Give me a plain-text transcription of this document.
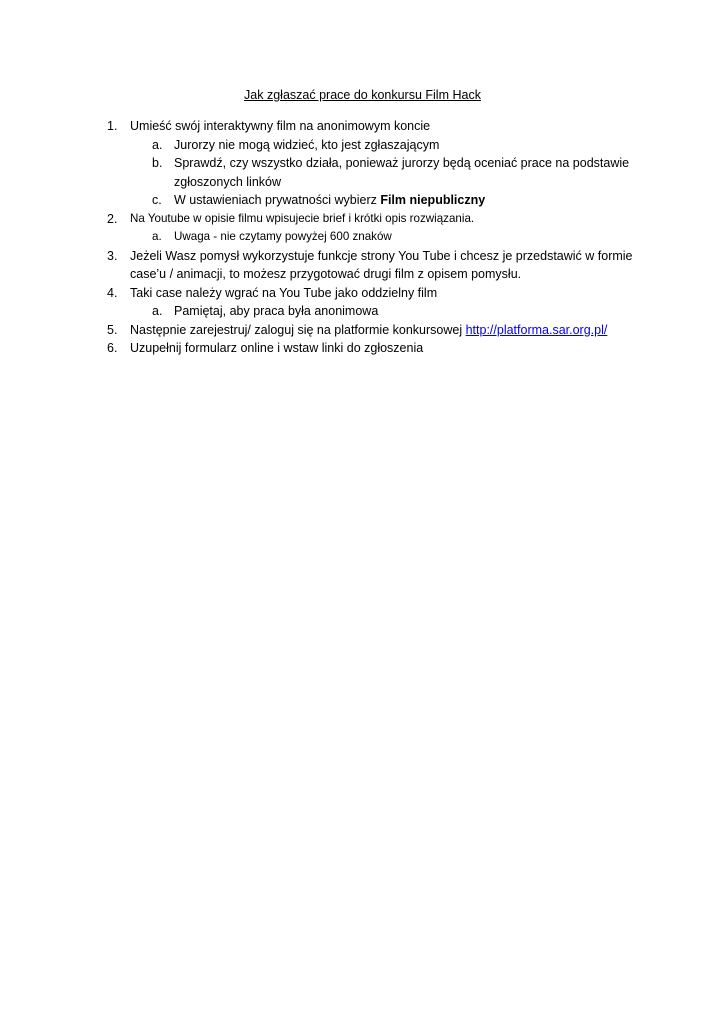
Jak zgłaszać prace do konkursu Film Hack
1. Umieść swój interaktywny film na anonimowym koncie
a. Jurorzy nie mogą widzieć, kto jest zgłaszającym
b. Sprawdź, czy wszystko działa, ponieważ jurorzy będą oceniać prace na podstawie
zgłoszonych linków
c. W ustawieniach prywatności wybierz Film niepubliczny
2. Na Youtube w opisie filmu wpisujecie brief i krótki opis rozwiązania.
a. Uwaga - nie czytamy powyżej 600 znaków
3. Jeżeli Wasz pomysł wykorzystuje funkcje strony You Tube i chcesz je przedstawić w formie
case’u / animacji, to możesz przygotować drugi film z opisem pomysłu.
4. Taki case należy wgrać na You Tube jako oddzielny film
a. Pamiętaj, aby praca była anonimowa
5. Następnie zarejestruj/ zaloguj się na platformie konkursowej http://platforma.sar.org.pl/
6. Uzupełnij formularz online i wstaw linki do zgłoszenia
